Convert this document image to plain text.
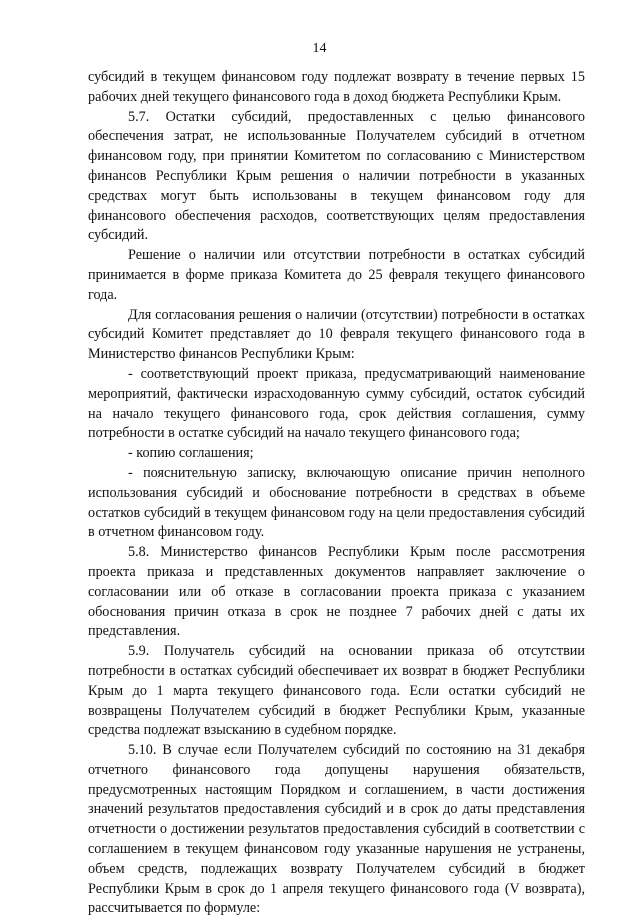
14

субсидий в текущем финансовом году подлежат возврату в течение первых 15 рабочих дней текущего финансового года в доход бюджета Республики Крым.

5.7. Остатки субсидий, предоставленных с целью финансового обеспечения затрат, не использованные Получателем субсидий в отчетном финансовом году, при принятии Комитетом по согласованию с Министерством финансов Республики Крым решения о наличии потребности в указанных средствах могут быть использованы в текущем финансовом году для финансового обеспечения расходов, соответствующих целям предоставления субсидий.

Решение о наличии или отсутствии потребности в остатках субсидий принимается в форме приказа Комитета до 25 февраля текущего финансового года.

Для согласования решения о наличии (отсутствии) потребности в остатках субсидий Комитет представляет до 10 февраля текущего финансового года в Министерство финансов Республики Крым:

- соответствующий проект приказа, предусматривающий наименование мероприятий, фактически израсходованную сумму субсидий, остаток субсидий на начало текущего финансового года, срок действия соглашения, сумму потребности в остатке субсидий на начало текущего финансового года;

- копию соглашения;

- пояснительную записку, включающую описание причин неполного использования субсидий и обоснование потребности в средствах в объеме остатков субсидий в текущем финансовом году на цели предоставления субсидий в отчетном финансовом году.

5.8. Министерство финансов Республики Крым после рассмотрения проекта приказа и представленных документов направляет заключение о согласовании или об отказе в согласовании проекта приказа с указанием обоснования причин отказа в срок не позднее 7 рабочих дней с даты их представления.

5.9. Получатель субсидий на основании приказа об отсутствии потребности в остатках субсидий обеспечивает их возврат в бюджет Республики Крым до 1 марта текущего финансового года. Если остатки субсидий не возвращены Получателем субсидий в бюджет Республики Крым, указанные средства подлежат взысканию в судебном порядке.

5.10. В случае если Получателем субсидий по состоянию на 31 декабря отчетного финансового года допущены нарушения обязательств, предусмотренных настоящим Порядком и соглашением, в части достижения значений результатов предоставления субсидий и в срок до даты представления отчетности о достижении результатов предоставления субсидий в соответствии с соглашением в текущем финансовом году указанные нарушения не устранены, объем средств, подлежащих возврату Получателем субсидий в бюджет Республики Крым в срок до 1 апреля текущего финансового года (V возврата), рассчитывается по формуле:
